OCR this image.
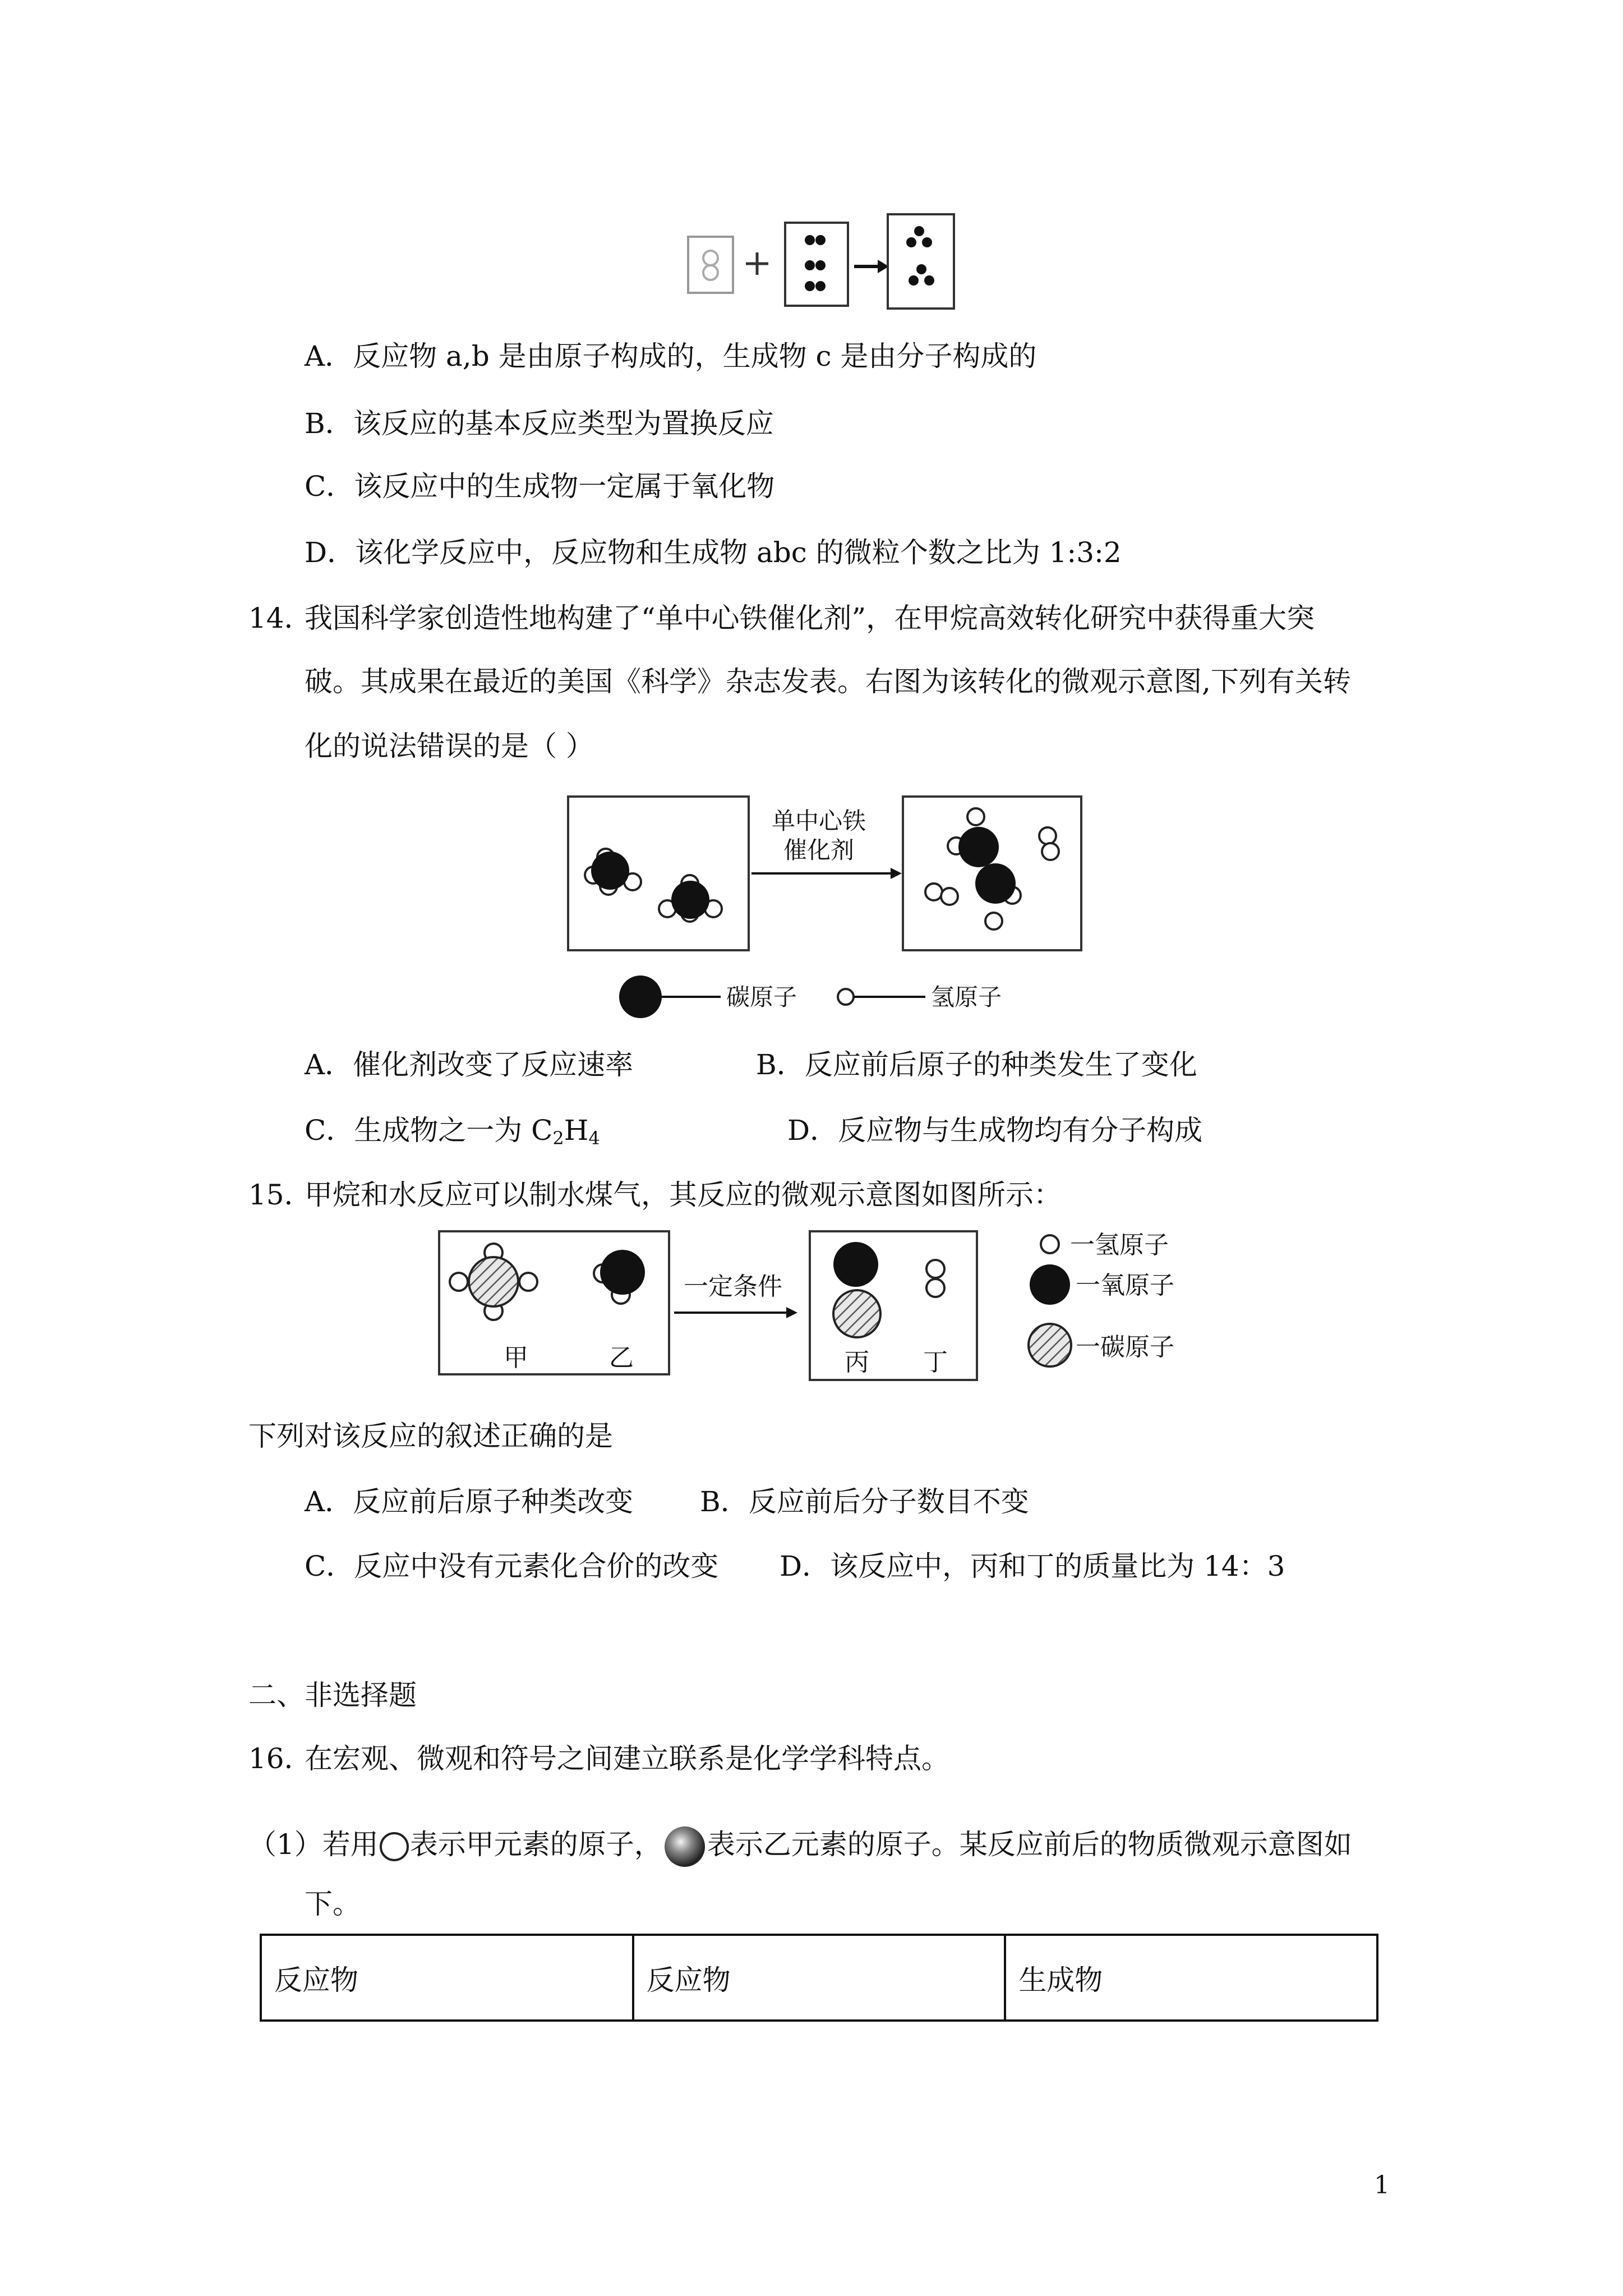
A．反应物 a,b 是由原子构成的，生成物 c 是由分子构成的
B．该反应的基本反应类型为置换反应
C．该反应中的生成物一定属于氧化物
D．该化学反应中，反应物和生成物 abc 的微粒个数之比为 1:3:2
14．
我国科学家创造性地构建了“单中心铁催化剂”，在甲烷高效转化研究中获得重大突
破。其成果在最近的美国《科学》杂志发表。右图为该转化的微观示意图,下列有关转
化的说法错误的是（ ）
单中心铁
催化剂
碳原子	氢原子
A．催化剂改变了反应速率	B．反应前后原子的种类发生了变化
C．生成物之一为 $C_2H_4$	D．反应物与生成物均有分子构成
15．
甲烷和水反应可以制水煤气，其反应的微观示意图如图所示：
甲	乙
一定条件
丙 丁
一氢原子
一氧原子
一碳原子
下列对该反应的叙述正确的是
A．反应前后原子种类改变 B．反应前后分子数目不变
C．反应中没有元素化合价的改变 D．该反应中，丙和丁的质量比为 14：3
二、非选择题
16．
在宏观、微观和符号之间建立联系是化学学科特点。
（1）若用 表示甲元素的原子， 表示乙元素的原子。某反应前后的物质微观示意图如
下。
反应物	反应物	生成物
1
